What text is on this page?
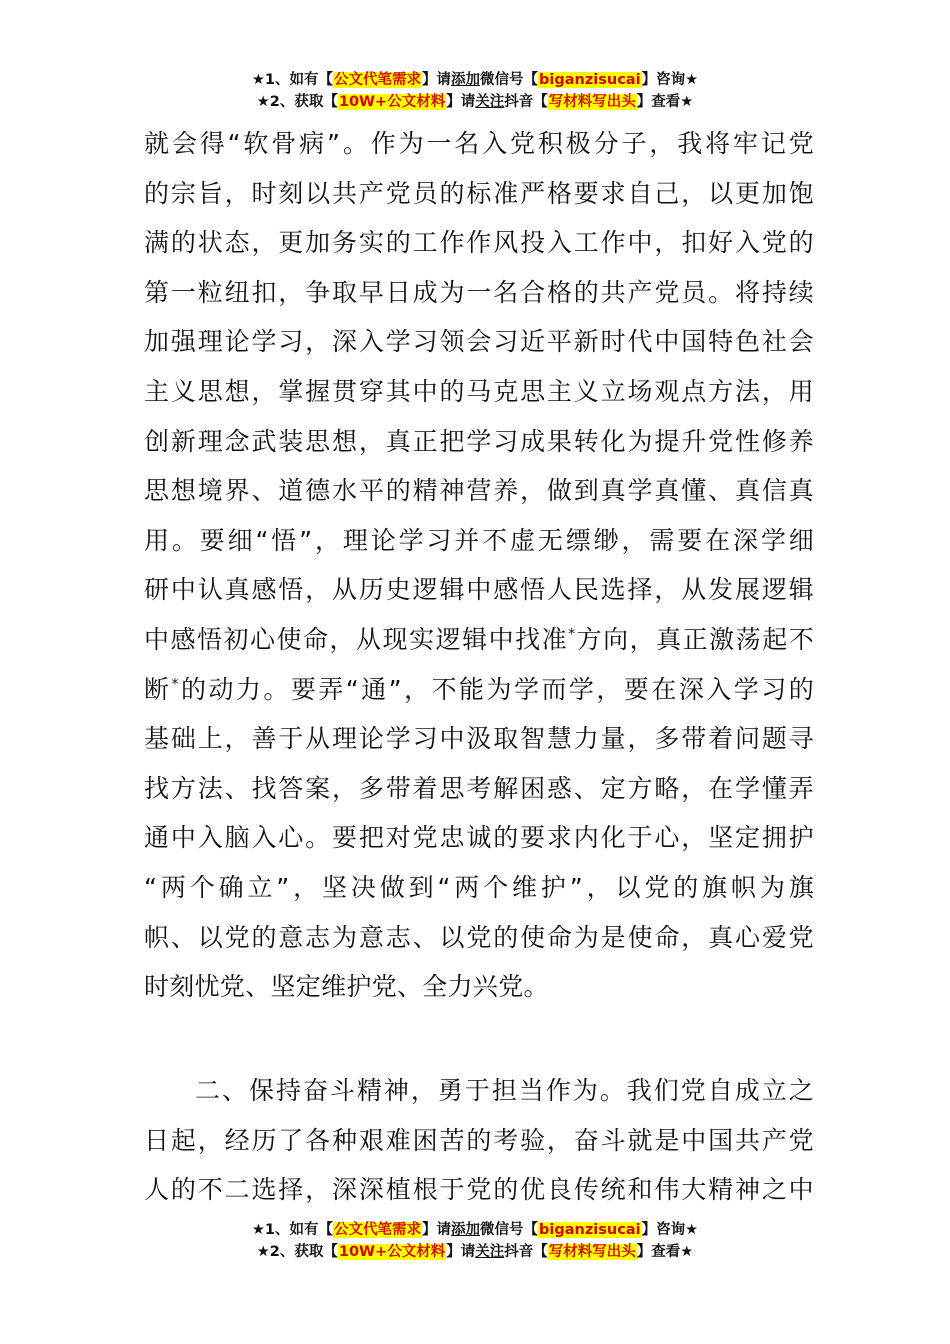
★1、如有【公文代笔需求】请添加微信号【biganzisucai】咨询★
★2、获取【10W+公文材料】请关注抖音【写材料写出头】查看★
就会得“软骨病”。作为一名入党积极分子，我将牢记党
的宗旨，时刻以共产党员的标准严格要求自己，以更加饱
满的状态，更加务实的工作作风投入工作中，扣好入党的
第一粒纽扣，争取早日成为一名合格的共产党员。将持续
加强理论学习，深入学习领会习近平新时代中国特色社会
主义思想，掌握贯穿其中的马克思主义立场观点方法，用
创新理念武装思想，真正把学习成果转化为提升党性修养
思想境界、道德水平的精神营养，做到真学真懂、真信真
用。要细“悟”，理论学习并不虚无缥缈，需要在深学细
研中认真感悟，从历史逻辑中感悟人民选择，从发展逻辑
中感悟初心使命，从现实逻辑中找准*方向，真正激荡起不
断*的动力。要弄“通”，不能为学而学，要在深入学习的
基础上，善于从理论学习中汲取智慧力量，多带着问题寻
找方法、找答案，多带着思考解困惑、定方略，在学懂弄
通中入脑入心。要把对党忠诚的要求内化于心，坚定拥护
“两个确立”，坚决做到“两个维护”，以党的旗帜为旗
帜、以党的意志为意志、以党的使命为是使命，真心爱党
时刻忧党、坚定维护党、全力兴党。
二、保持奋斗精神，勇于担当作为。我们党自成立之
日起，经历了各种艰难困苦的考验，奋斗就是中国共产党
人的不二选择，深深植根于党的优良传统和伟大精神之中
★1、如有【公文代笔需求】请添加微信号【biganzisucai】咨询★
★2、获取【10W+公文材料】请关注抖音【写材料写出头】查看★
